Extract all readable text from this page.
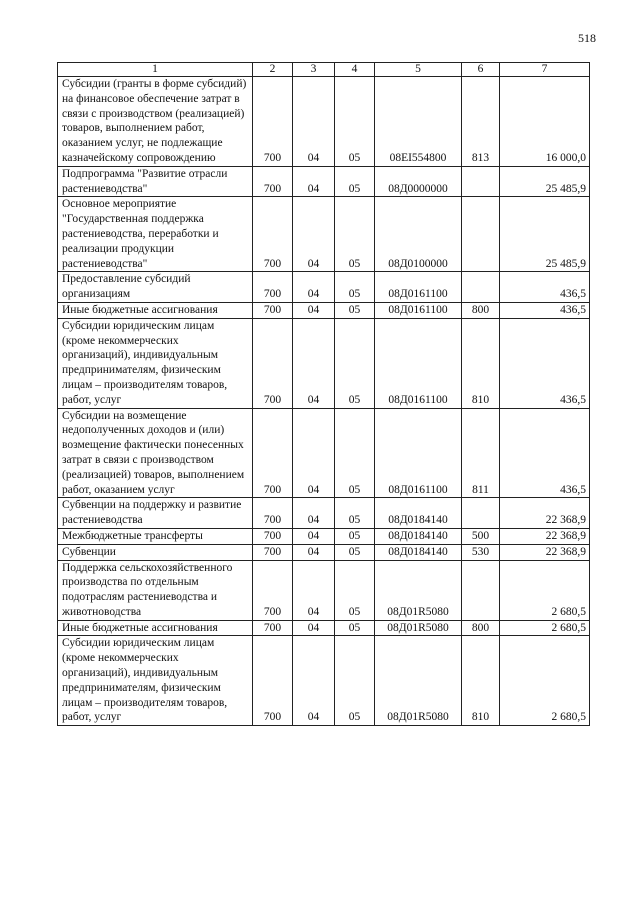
518
1	2	3	4	5	6	7
Субсидии (гранты в форме субсидий) на финансовое обеспечение затрат в связи с производством (реализацией) товаров, выполнением работ, оказанием услуг, не подлежащие казначейскому сопровождению	700	04	05	08EI554800	813	16 000,0
Подпрограмма "Развитие отрасли растениеводства"	700	04	05	08Д0000000		25 485,9
Основное мероприятие "Государственная поддержка растениеводства, переработки и реализации продукции растениеводства"	700	04	05	08Д0100000		25 485,9
Предоставление субсидий организациям	700	04	05	08Д0161100		436,5
Иные бюджетные ассигнования	700	04	05	08Д0161100	800	436,5
Субсидии юридическим лицам (кроме некоммерческих организаций), индивидуальным предпринимателям, физическим лицам – производителям товаров, работ, услуг	700	04	05	08Д0161100	810	436,5
Субсидии на возмещение недополученных доходов и (или) возмещение фактически понесенных затрат в связи с производством (реализацией) товаров, выполнением работ, оказанием услуг	700	04	05	08Д0161100	811	436,5
Субвенции на поддержку и развитие растениеводства	700	04	05	08Д0184140		22 368,9
Межбюджетные трансферты	700	04	05	08Д0184140	500	22 368,9
Субвенции	700	04	05	08Д0184140	530	22 368,9
Поддержка сельскохозяйственного производства по отдельным подотраслям растениеводства и животноводства	700	04	05	08Д01R5080		2 680,5
Иные бюджетные ассигнования	700	04	05	08Д01R5080	800	2 680,5
Субсидии юридическим лицам (кроме некоммерческих организаций), индивидуальным предпринимателям, физическим лицам – производителям товаров, работ, услуг	700	04	05	08Д01R5080	810	2 680,5
